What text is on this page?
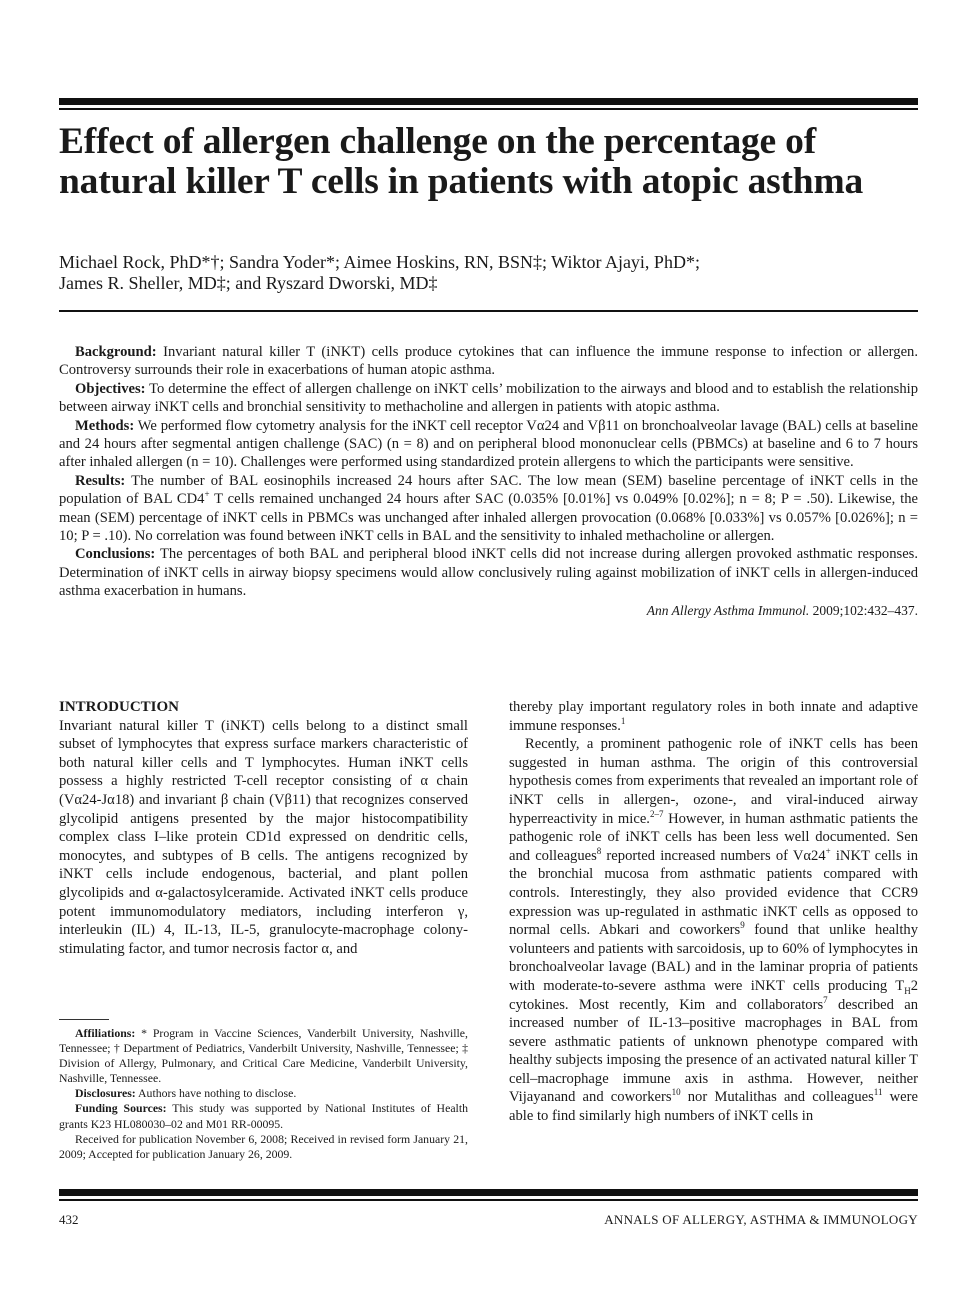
Effect of allergen challenge on the percentage of natural killer T cells in patients with atopic asthma
Michael Rock, PhD*†; Sandra Yoder*; Aimee Hoskins, RN, BSN‡; Wiktor Ajayi, PhD*;
James R. Sheller, MD‡; and Ryszard Dworski, MD‡

Background: Invariant natural killer T (iNKT) cells produce cytokines that can influence the immune response to infection or allergen. Controversy surrounds their role in exacerbations of human atopic asthma.

Objectives: To determine the effect of allergen challenge on iNKT cells’ mobilization to the airways and blood and to establish the relationship between airway iNKT cells and bronchial sensitivity to methacholine and allergen in patients with atopic asthma.

Methods: We performed flow cytometry analysis for the iNKT cell receptor Vα24 and Vβ11 on bronchoalveolar lavage (BAL) cells at baseline and 24 hours after segmental antigen challenge (SAC) (n = 8) and on peripheral blood mononuclear cells (PBMCs) at baseline and 6 to 7 hours after inhaled allergen (n = 10). Challenges were performed using standardized protein allergens to which the participants were sensitive.

Results: The number of BAL eosinophils increased 24 hours after SAC. The low mean (SEM) baseline percentage of iNKT cells in the population of BAL CD4+ T cells remained unchanged 24 hours after SAC (0.035% [0.01%] vs 0.049% [0.02%]; n = 8; P = .50). Likewise, the mean (SEM) percentage of iNKT cells in PBMCs was unchanged after inhaled allergen provocation (0.068% [0.033%] vs 0.057% [0.026%]; n = 10; P = .10). No correlation was found between iNKT cells in BAL and the sensitivity to inhaled methacholine or allergen.

Conclusions: The percentages of both BAL and peripheral blood iNKT cells did not increase during allergen provoked asthmatic responses. Determination of iNKT cells in airway biopsy specimens would allow conclusively ruling against mobilization of iNKT cells in allergen-induced asthma exacerbation in humans.

Ann Allergy Asthma Immunol. 2009;102:432–437.

INTRODUCTION

Invariant natural killer T (iNKT) cells belong to a distinct small subset of lymphocytes that express surface markers characteristic of both natural killer cells and T lymphocytes. Human iNKT cells possess a highly restricted T-cell receptor consisting of α chain (Vα24-Jα18) and invariant β chain (Vβ11) that recognizes conserved glycolipid antigens presented by the major histocompatibility complex class I–like protein CD1d expressed on dendritic cells, monocytes, and subtypes of B cells. The antigens recognized by iNKT cells include endogenous, bacterial, and plant pollen glycolipids and α-galactosylceramide. Activated iNKT cells produce potent immunomodulatory mediators, including interferon γ, interleukin (IL) 4, IL-13, IL-5, granulocyte-macrophage colony-stimulating factor, and tumor necrosis factor α, and

Affiliations: * Program in Vaccine Sciences, Vanderbilt University, Nashville, Tennessee; † Department of Pediatrics, Vanderbilt University, Nashville, Tennessee; ‡ Division of Allergy, Pulmonary, and Critical Care Medicine, Vanderbilt University, Nashville, Tennessee.

Disclosures: Authors have nothing to disclose.

Funding Sources: This study was supported by National Institutes of Health grants K23 HL080030–02 and M01 RR-00095.

Received for publication November 6, 2008; Received in revised form January 21, 2009; Accepted for publication January 26, 2009.

thereby play important regulatory roles in both innate and adaptive immune responses.$^1$

Recently, a prominent pathogenic role of iNKT cells has been suggested in human asthma. The origin of this controversial hypothesis comes from experiments that revealed an important role of iNKT cells in allergen-, ozone-, and viral-induced airway hyperreactivity in mice.$^{2-7}$ However, in human asthmatic patients the pathogenic role of iNKT cells has been less well documented. Sen and colleagues$^8$ reported increased numbers of Vα24+ iNKT cells in the bronchial mucosa from asthmatic patients compared with controls. Interestingly, they also provided evidence that CCR9 expression was up-regulated in asthmatic iNKT cells as opposed to normal cells. Abkari and coworkers$^9$ found that unlike healthy volunteers and patients with sarcoidosis, up to 60% of lymphocytes in bronchoalveolar lavage (BAL) and in the laminar propria of patients with moderate-to-severe asthma were iNKT cells producing $T_H2$ cytokines. Most recently, Kim and collaborators$^7$ described an increased number of IL-13–positive macrophages in BAL from severe asthmatic patients of unknown phenotype compared with healthy subjects imposing the presence of an activated natural killer T cell–macrophage immune axis in asthma. However, neither Vijayanand and coworkers$^{10}$ nor Mutalithas and colleagues$^{11}$ were able to find similarly high numbers of iNKT cells in

432	ANNALS OF ALLERGY, ASTHMA & IMMUNOLOGY
